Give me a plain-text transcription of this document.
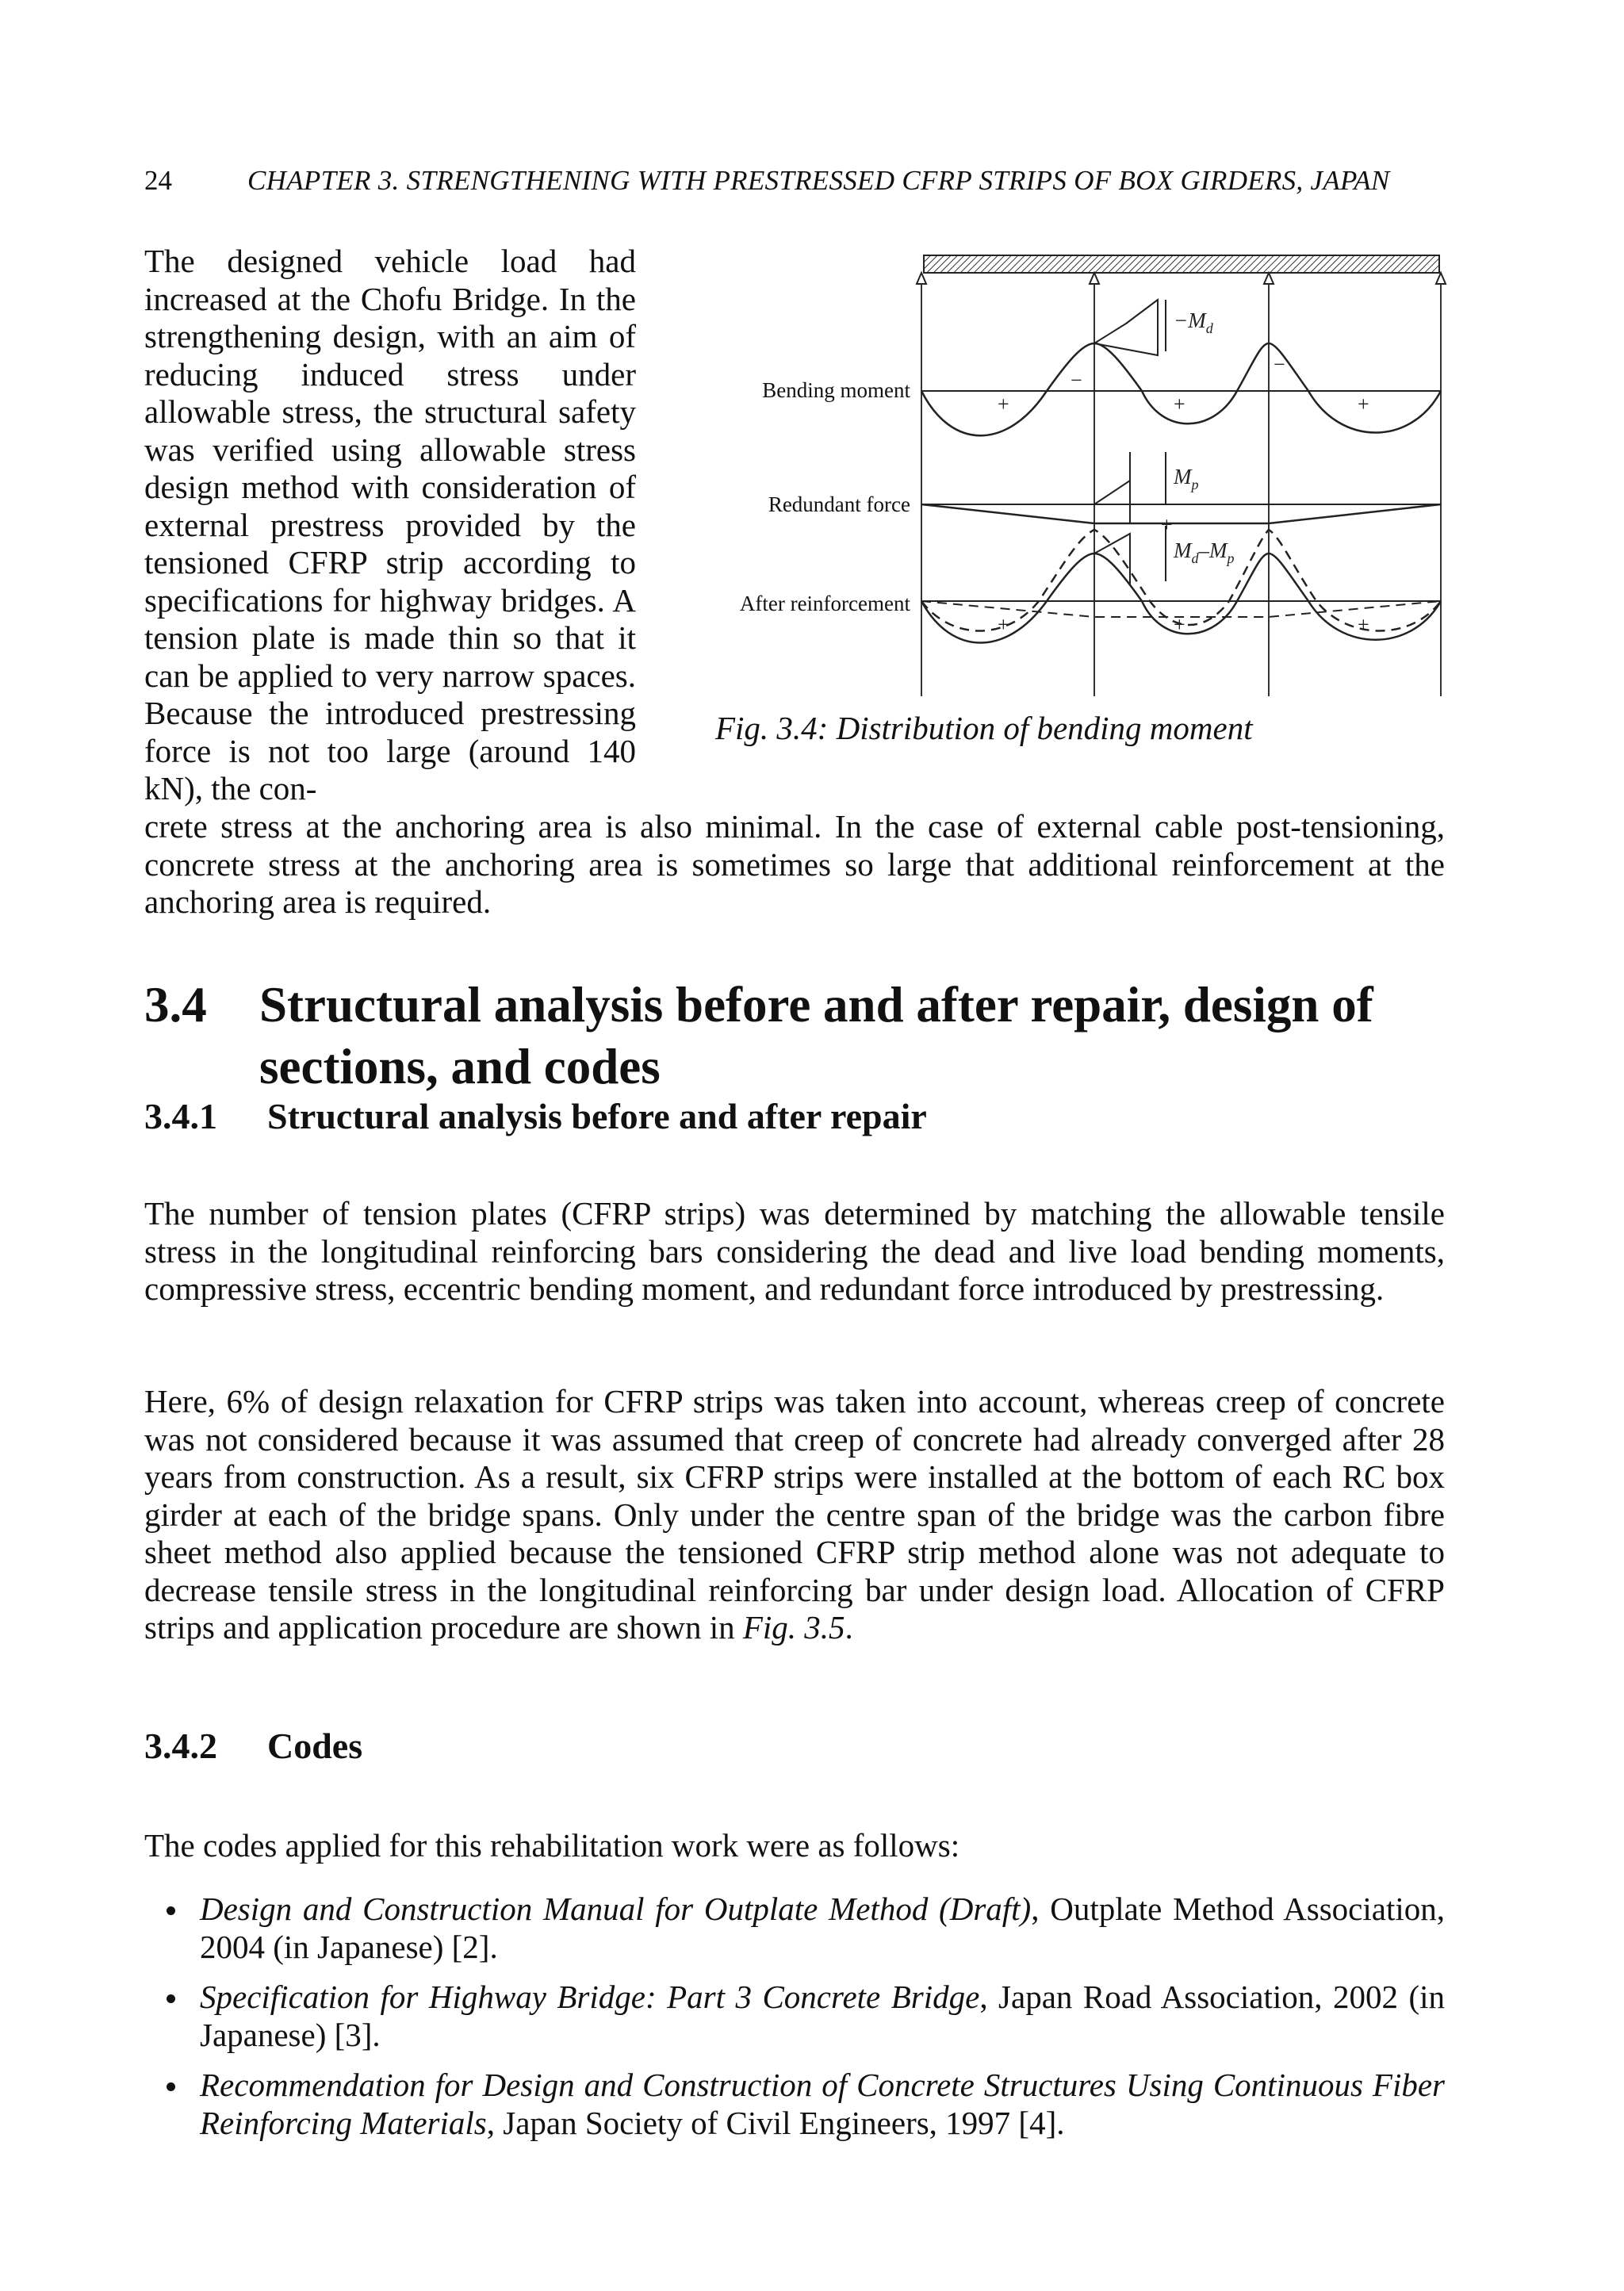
24	CHAPTER 3. STRENGTHENING WITH PRESTRESSED CFRP STRIPS OF BOX GIRDERS, JAPAN
The designed vehicle load had increased at the Chofu Bridge. In the strengthening design, with an aim of reducing induced stress under allowable stress, the structural safety was verified using allowable stress design method with consideration of external prestress provided by the tensioned CFRP strip according to specifications for highway bridges. A tension plate is made thin so that it can be applied to very narrow spaces. Because the introduced prestressing force is not too large (around 140 kN), the con-
Bending moment
+	+	+
−
−
$-M_d$
Redundant force
$M_p$
+
After reinforcement
$M_d-M_p$
+	+	+
Fig. 3.4: Distribution of bending moment
crete stress at the anchoring area is also minimal. In the case of external cable post-tensioning, concrete stress at the anchoring area is sometimes so large that additional reinforcement at the anchoring area is required.
3.4 Structural analysis before and after repair, design of
sections, and codes
3.4.1 Structural analysis before and after repair
The number of tension plates (CFRP strips) was determined by matching the allowable tensile stress in the longitudinal reinforcing bars considering the dead and live load bending moments, compressive stress, eccentric bending moment, and redundant force introduced by prestressing.
Here, 6% of design relaxation for CFRP strips was taken into account, whereas creep of concrete was not considered because it was assumed that creep of concrete had already converged after 28 years from construction. As a result, six CFRP strips were installed at the bottom of each RC box girder at each of the bridge spans. Only under the centre span of the bridge was the carbon fibre sheet method also applied because the tensioned CFRP strip method alone was not adequate to decrease tensile stress in the longitudinal reinforcing bar under design load. Allocation of CFRP strips and application procedure are shown in Fig. 3.5.
3.4.2 Codes
The codes applied for this rehabilitation work were as follows:
Design and Construction Manual for Outplate Method (Draft), Outplate Method Association, 2004 (in Japanese) [2].
Specification for Highway Bridge: Part 3 Concrete Bridge, Japan Road Association, 2002 (in Japanese) [3].
Recommendation for Design and Construction of Concrete Structures Using Continuous Fiber Reinforcing Materials, Japan Society of Civil Engineers, 1997 [4].
